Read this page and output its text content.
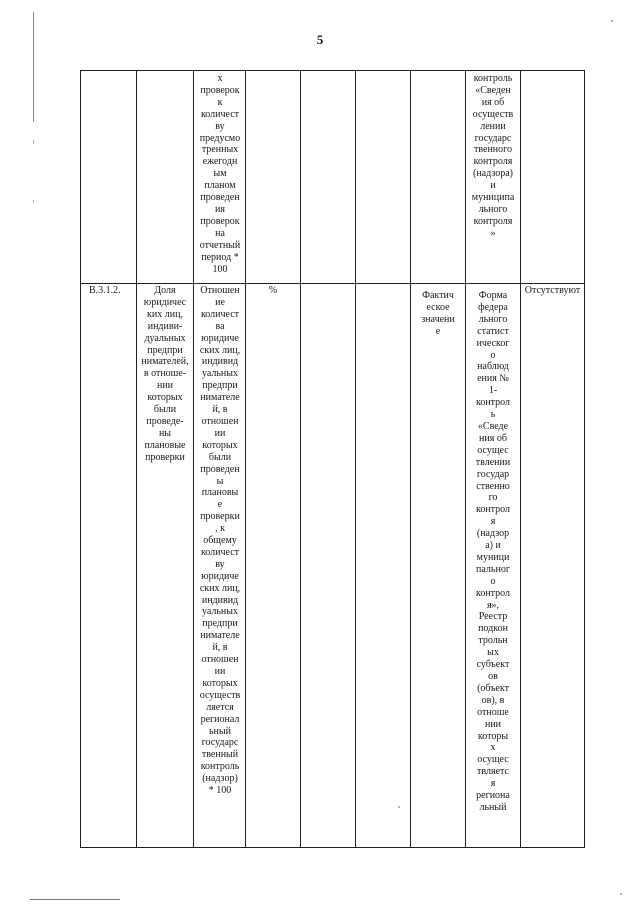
5
х
проверок
к
количест
ву
предусмо
тренных
ежегодн
ым
планом
проведен
ия
проверок
на
отчетный
период *
100
контроль
«Сведен
ия об
осуществ
лении
государс
твенного
контроля
(надзора)
и
муниципа
льного
контроля
»
В.3.1.2.	Доля
юридичес
ких лиц,
индиви-
дуальных
предпри
нимателей,
в отноше-
нии
которых
были
проведе-
ны
плановые
проверки
Отношен
ие
количест
ва
юридиче
ских лиц,
индивид
уальных
предпри
нимателе
й, в
отношен
ии
которых
были
проведен
ы
плановы
е
проверки
, к
общему
количест
ву
юридиче
ских лиц,
индивид
уальных
предпри
нимателе
й, в
отношен
ии
которых
осуществ
ляется
регионал
ьный
государс
твенный
контроль
(надзор)
* 100
%	Фактич
еское
значени
е
Форма
федера
льного
статист
ическог
о
наблюд
ения №
1-
контрол
ь
«Сведе
ния об
осущес
твлении
государ
ственно
го
контрол
я
(надзор
а) и
муници
пальног
о
контрол
я»,
Реестр
подкон
трольн
ых
субъект
ов
(объект
ов), в
отноше
нии
которы
х
осущес
твляетс
я
региона
льный
Отсутствуют
